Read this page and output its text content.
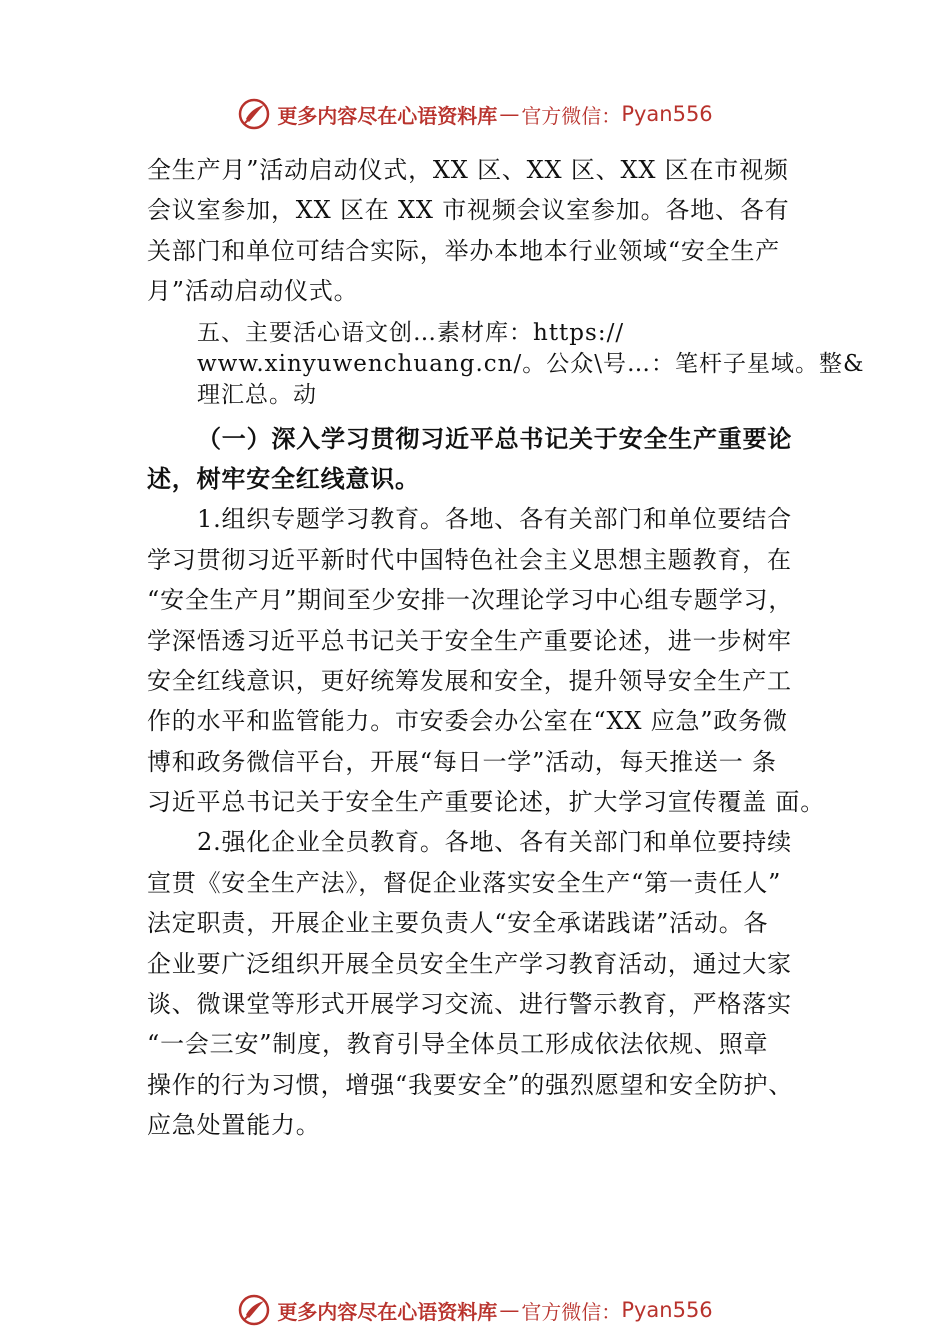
更多内容尽在心语资料库 — 官方微信： Pyan556
全生产月”活动启动仪式，XX 区、XX 区、XX 区在市视频
会议室参加，XX 区在 XX 市视频会议室参加。各地、各有
关部门和单位可结合实际，举办本地本行业领域“安全生产
月”活动启动仪式。
五、主要活心语文创…素材库：https://
www.xinyuwenchuang.cn/。公众\号…：笔杆子星域。整&
理汇总。动
（一）深入学习贯彻习近平总书记关于安全生产重要论
述，树牢安全红线意识。
1.组织专题学习教育。各地、各有关部门和单位要结合
学习贯彻习近平新时代中国特色社会主义思想主题教育，在
“安全生产月”期间至少安排一次理论学习中心组专题学习，
学深悟透习近平总书记关于安全生产重要论述，进一步树牢
安全红线意识，更好统筹发展和安全，提升领导安全生产工
作的水平和监管能力。市安委会办公室在“XX 应急”政务微
博和政务微信平台，开展“每日一学”活动，每天推送一 条
习近平总书记关于安全生产重要论述，扩大学习宣传覆盖 面。
2.强化企业全员教育。各地、各有关部门和单位要持续
宣贯《安全生产法》，督促企业落实安全生产“第一责任人”
法定职责，开展企业主要负责人“安全承诺践诺”活动。各
企业要广泛组织开展全员安全生产学习教育活动，通过大家
谈、微课堂等形式开展学习交流、进行警示教育，严格落实
“一会三安”制度，教育引导全体员工形成依法依规、照章
操作的行为习惯，增强“我要安全”的强烈愿望和安全防护、
应急处置能力。
更多内容尽在心语资料库 — 官方微信： Pyan556
